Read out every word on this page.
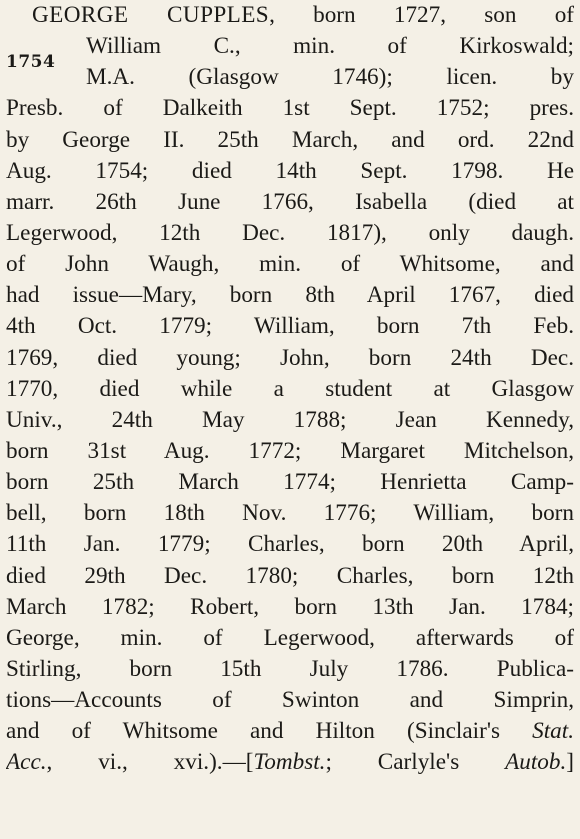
1754
GEORGE CUPPLES, born 1727, son of
William C., min. of Kirkoswald;
M.A. (Glasgow 1746); licen. by
Presb. of Dalkeith 1st Sept. 1752; pres.
by George II. 25th March, and ord. 22nd
Aug. 1754; died 14th Sept. 1798. He
marr. 26th June 1766, Isabella (died at
Legerwood, 12th Dec. 1817), only daugh.
of John Waugh, min. of Whitsome, and
had issue—Mary, born 8th April 1767, died
4th Oct. 1779; William, born 7th Feb.
1769, died young; John, born 24th Dec.
1770, died while a student at Glasgow
Univ., 24th May 1788; Jean Kennedy,
born 31st Aug. 1772; Margaret Mitchelson,
born 25th March 1774; Henrietta Camp-
bell, born 18th Nov. 1776; William, born
11th Jan. 1779; Charles, born 20th April,
died 29th Dec. 1780; Charles, born 12th
March 1782; Robert, born 13th Jan. 1784;
George, min. of Legerwood, afterwards of
Stirling, born 15th July 1786. Publica-
tions—Accounts of Swinton and Simprin,
and of Whitsome and Hilton (Sinclair's Stat.
Acc., vi., xvi.).—[Tombst.; Carlyle's Autob.]
